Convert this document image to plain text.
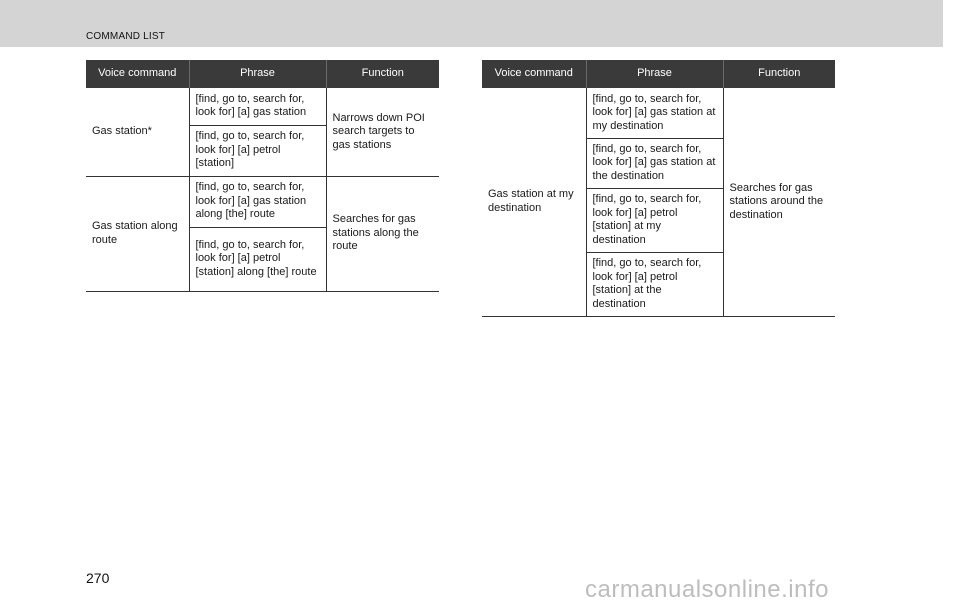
COMMAND LIST
Voice command	Phrase	Function
Gas station*	[find, go to, search for, look for] [a] gas station	Narrows down POI search targets to gas stations
	[find, go to, search for, look for] [a] petrol [station]	
Gas station along route	[find, go to, search for, look for] [a] gas station along [the] route	Searches for gas stations along the route
	[find, go to, search for, look for] [a] petrol [station] along [the] route	
Voice command	Phrase	Function
Gas station at my destination	[find, go to, search for, look for] [a] gas station at my destination	Searches for gas stations around the destination
	[find, go to, search for, look for] [a] gas station at the destination	
	[find, go to, search for, look for] [a] petrol [station] at my destination	
	[find, go to, search for, look for] [a] petrol [station] at the destination	
270	carmanualsonline.info
